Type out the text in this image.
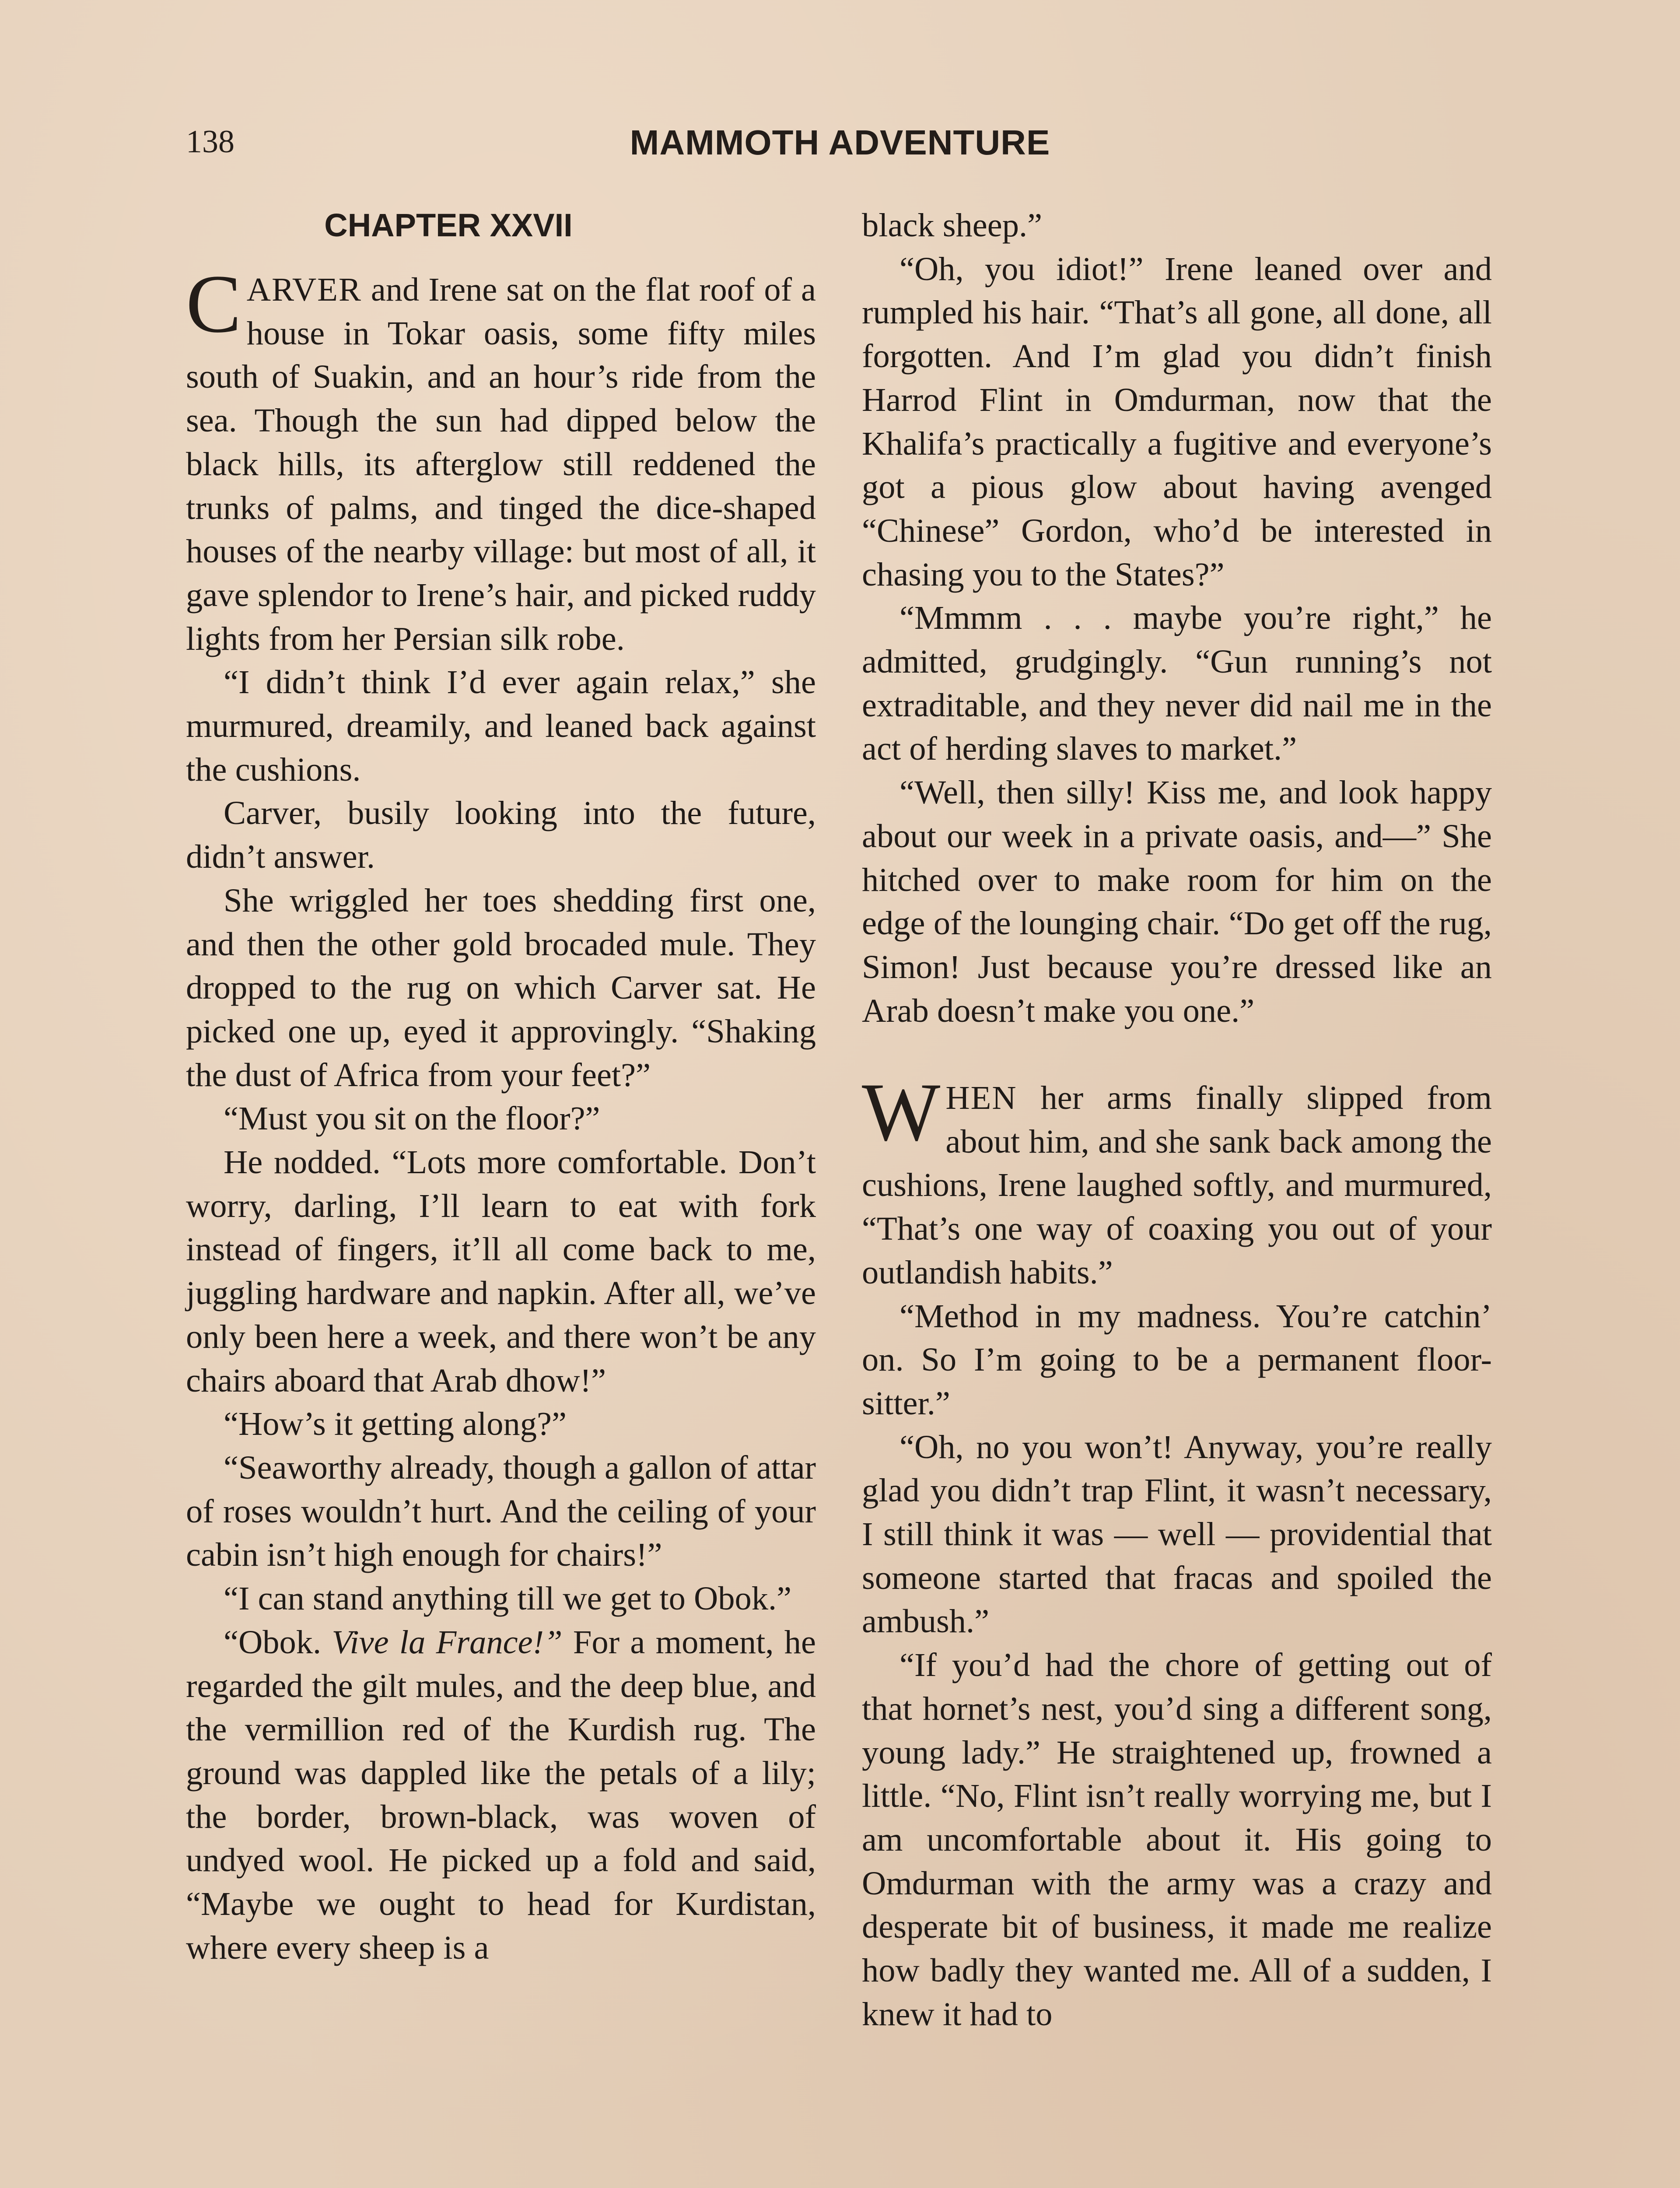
138	MAMMOTH ADVENTURE
CHAPTER XXVII

CARVER and Irene sat on the flat roof of a house in Tokar oasis, some fifty miles south of Suakin, and an hour’s ride from the sea. Though the sun had dipped below the black hills, its afterglow still reddened the trunks of palms, and tinged the dice-shaped houses of the nearby village: but most of all, it gave splendor to Irene’s hair, and picked ruddy lights from her Persian silk robe.

“I didn’t think I’d ever again relax,” she murmured, dreamily, and leaned back against the cushions.

Carver, busily looking into the future, didn’t answer.

She wriggled her toes shedding first one, and then the other gold brocaded mule. They dropped to the rug on which Carver sat. He picked one up, eyed it approvingly. “Shaking the dust of Africa from your feet?”

“Must you sit on the floor?”

He nodded. “Lots more comfortable. Don’t worry, darling, I’ll learn to eat with fork instead of fingers, it’ll all come back to me, juggling hardware and napkin. After all, we’ve only been here a week, and there won’t be any chairs aboard that Arab dhow!”

“How’s it getting along?”

“Seaworthy already, though a gallon of attar of roses wouldn’t hurt. And the ceiling of your cabin isn’t high enough for chairs!”

“I can stand anything till we get to Obok.”

“Obok. Vive la France!” For a moment, he regarded the gilt mules, and the deep blue, and the vermillion red of the Kurdish rug. The ground was dappled like the petals of a lily; the border, brown-black, was woven of undyed wool. He picked up a fold and said, “Maybe we ought to head for Kurdistan, where every sheep is a

black sheep.”

“Oh, you idiot!” Irene leaned over and rumpled his hair. “That’s all gone, all done, all forgotten. And I’m glad you didn’t finish Harrod Flint in Omdurman, now that the Khalifa’s practically a fugitive and everyone’s got a pious glow about having avenged “Chinese” Gordon, who’d be interested in chasing you to the States?”

“Mmmm . . . maybe you’re right,” he admitted, grudgingly. “Gun running’s not extraditable, and they never did nail me in the act of herding slaves to market.”

“Well, then silly! Kiss me, and look happy about our week in a private oasis, and—” She hitched over to make room for him on the edge of the lounging chair. “Do get off the rug, Simon! Just because you’re dressed like an Arab doesn’t make you one.”

WHEN her arms finally slipped from about him, and she sank back among the cushions, Irene laughed softly, and murmured, “That’s one way of coaxing you out of your outlandish habits.”

“Method in my madness. You’re catchin’ on. So I’m going to be a permanent floor-sitter.”

“Oh, no you won’t! Anyway, you’re really glad you didn’t trap Flint, it wasn’t necessary, I still think it was — well — providential that someone started that fracas and spoiled the ambush.”

“If you’d had the chore of getting out of that hornet’s nest, you’d sing a different song, young lady.” He straightened up, frowned a little. “No, Flint isn’t really worrying me, but I am uncomfortable about it. His going to Omdurman with the army was a crazy and desperate bit of business, it made me realize how badly they wanted me. All of a sudden, I knew it had to
